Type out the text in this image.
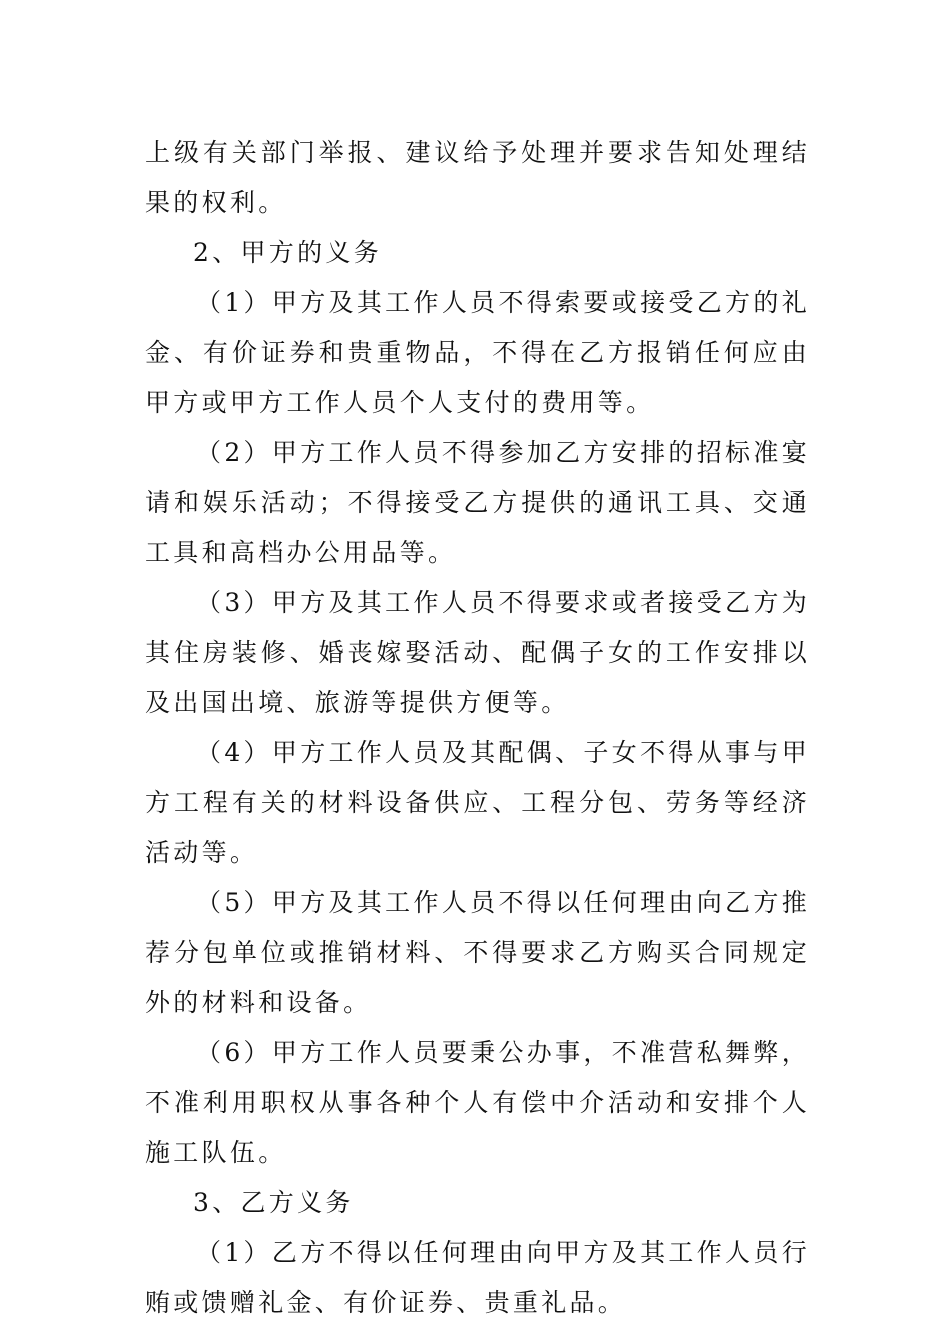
上级有关部门举报、建议给予处理并要求告知处理结果的权利。

2、甲方的义务

（1）甲方及其工作人员不得索要或接受乙方的礼金、有价证券和贵重物品，不得在乙方报销任何应由甲方或甲方工作人员个人支付的费用等。

（2）甲方工作人员不得参加乙方安排的招标准宴请和娱乐活动；不得接受乙方提供的通讯工具、交通工具和高档办公用品等。

（3）甲方及其工作人员不得要求或者接受乙方为其住房装修、婚丧嫁娶活动、配偶子女的工作安排以及出国出境、旅游等提供方便等。

（4）甲方工作人员及其配偶、子女不得从事与甲方工程有关的材料设备供应、工程分包、劳务等经济活动等。

（5）甲方及其工作人员不得以任何理由向乙方推荐分包单位或推销材料、不得要求乙方购买合同规定外的材料和设备。

（6）甲方工作人员要秉公办事，不准营私舞弊，不准利用职权从事各种个人有偿中介活动和安排个人施工队伍。

3、乙方义务

（1）乙方不得以任何理由向甲方及其工作人员行贿或馈赠礼金、有价证券、贵重礼品。
